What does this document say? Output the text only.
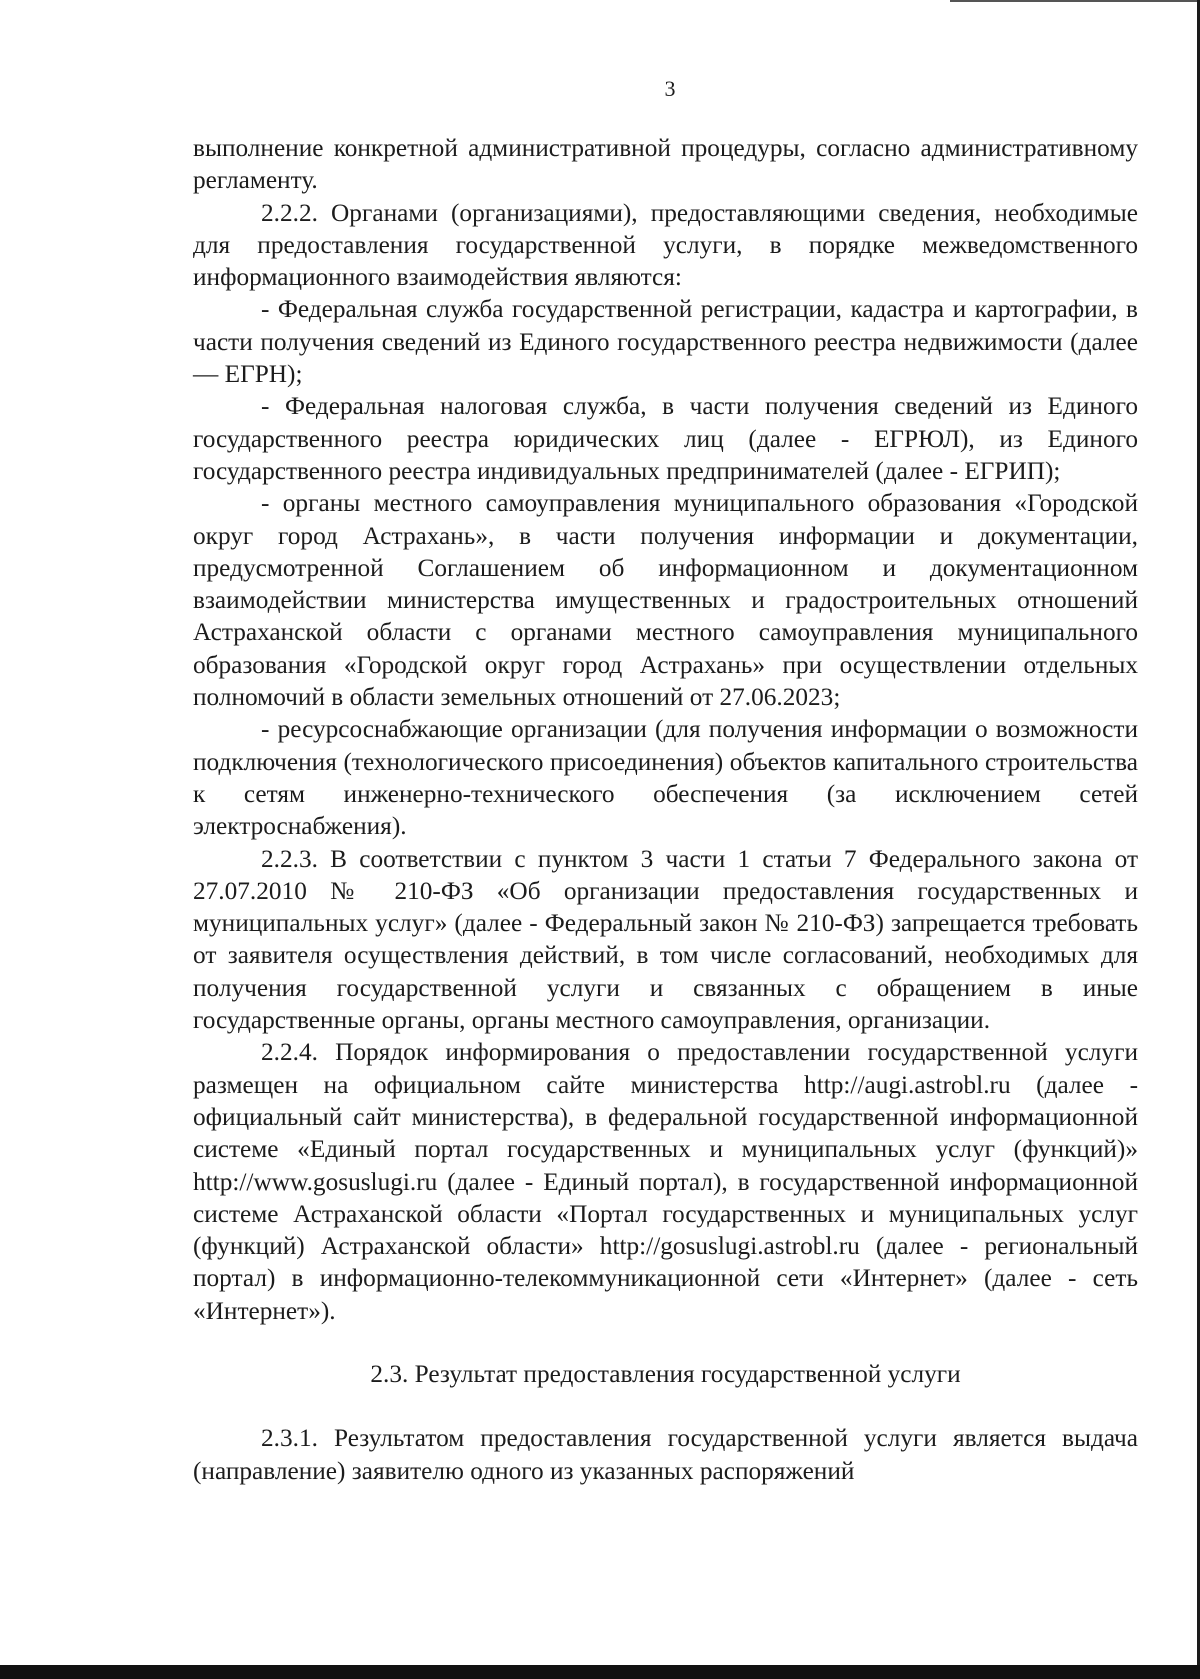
3

выполнение конкретной административной процедуры, согласно административному регламенту.

2.2.2. Органами (организациями), предоставляющими сведения, необходимые для предоставления государственной услуги, в порядке межведомственного информационного взаимодействия являются:

- Федеральная служба государственной регистрации, кадастра и картографии, в части получения сведений из Единого государственного реестра недвижимости (далее — ЕГРН);

- Федеральная налоговая служба, в части получения сведений из Единого государственного реестра юридических лиц (далее - ЕГРЮЛ), из Единого государственного реестра индивидуальных предпринимателей (далее - ЕГРИП);

- органы местного самоуправления муниципального образования «Городской округ город Астрахань», в части получения информации и документации, предусмотренной Соглашением об информационном и документационном взаимодействии министерства имущественных и градостроительных отношений Астраханской области с органами местного самоуправления муниципального образования «Городской округ город Астрахань» при осуществлении отдельных полномочий в области земельных отношений от 27.06.2023;

- ресурсоснабжающие организации (для получения информации о возможности подключения (технологического присоединения) объектов капитального строительства к сетям инженерно-технического обеспечения (за исключением сетей электроснабжения).

2.2.3. В соответствии с пунктом 3 части 1 статьи 7 Федерального закона от 27.07.2010 № 210-ФЗ «Об организации предоставления государственных и муниципальных услуг» (далее - Федеральный закон № 210-ФЗ) запрещается требовать от заявителя осуществления действий, в том числе согласований, необходимых для получения государственной услуги и связанных с обращением в иные государственные органы, органы местного самоуправления, организации.

2.2.4. Порядок информирования о предоставлении государственной услуги размещен на официальном сайте министерства http://augi.astrobl.ru (далее - официальный сайт министерства), в федеральной государственной информационной системе «Единый портал государственных и муниципальных услуг (функций)» http://www.gosuslugi.ru (далее - Единый портал), в государственной информационной системе Астраханской области «Портал государственных и муниципальных услуг (функций) Астраханской области» http://gosuslugi.astrobl.ru (далее - региональный портал) в информационно-телекоммуникационной сети «Интернет» (далее - сеть «Интернет»).

2.3. Результат предоставления государственной услуги

2.3.1. Результатом предоставления государственной услуги является выдача (направление) заявителю одного из указанных распоряжений
